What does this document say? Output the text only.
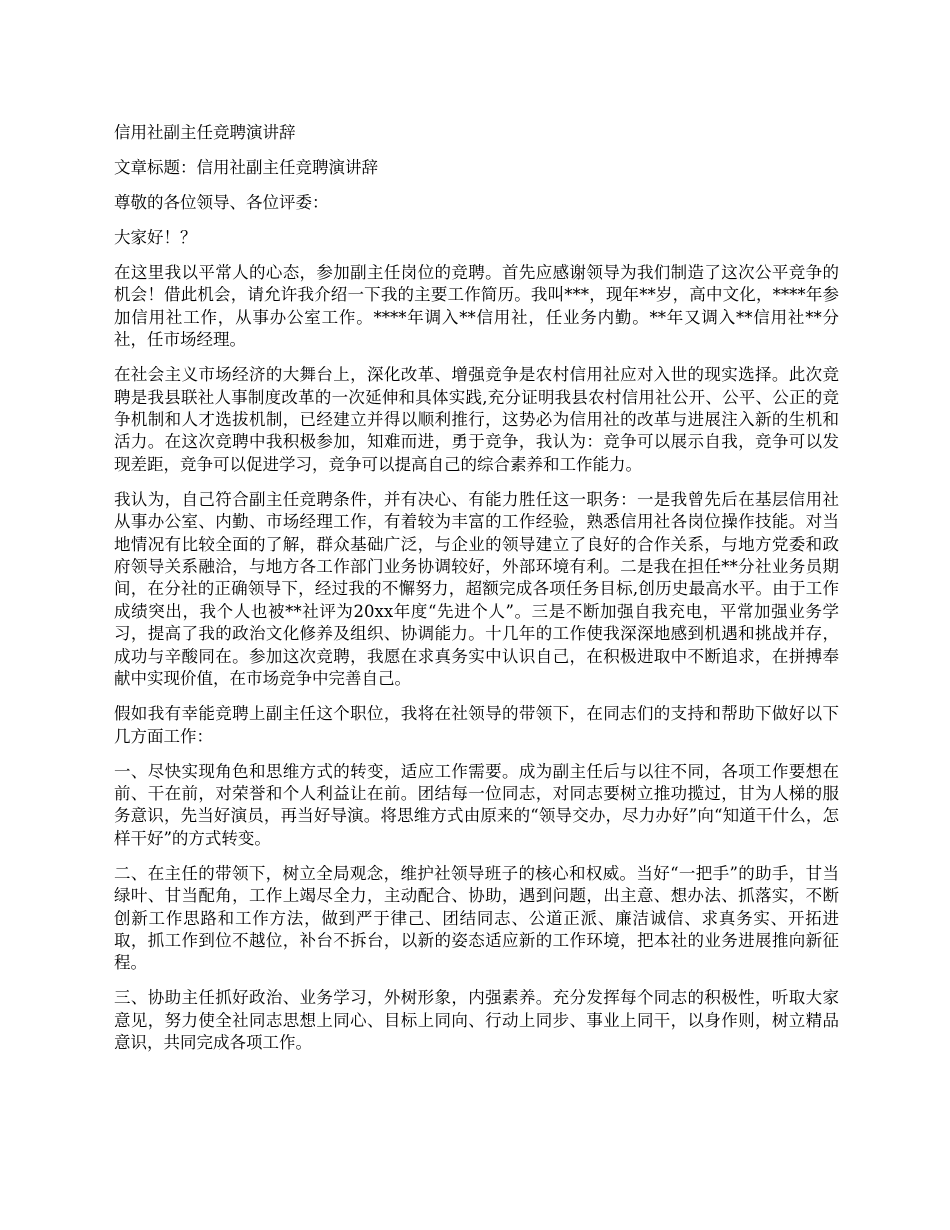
信用社副主任竞聘演讲辞

文章标题：信用社副主任竞聘演讲辞

尊敬的各位领导、各位评委：

大家好！？

在这里我以平常人的心态，参加副主任岗位的竞聘。首先应感谢领导为我们制造了这次公平竞争的机会！借此机会，请允许我介绍一下我的主要工作简历。我叫***，现年**岁，高中文化，****年参加信用社工作，从事办公室工作。****年调入**信用社，任业务内勤。**年又调入**信用社**分社，任市场经理。

在社会主义市场经济的大舞台上，深化改革、增强竞争是农村信用社应对入世的现实选择。此次竞聘是我县联社人事制度改革的一次延伸和具体实践,充分证明我县农村信用社公开、公平、公正的竞争机制和人才选拔机制，已经建立并得以顺利推行，这势必为信用社的改革与进展注入新的生机和活力。在这次竞聘中我积极参加，知难而进，勇于竞争，我认为：竞争可以展示自我，竞争可以发现差距，竞争可以促进学习，竞争可以提高自己的综合素养和工作能力。

我认为，自己符合副主任竞聘条件，并有决心、有能力胜任这一职务：一是我曾先后在基层信用社从事办公室、内勤、市场经理工作，有着较为丰富的工作经验，熟悉信用社各岗位操作技能。对当地情况有比较全面的了解，群众基础广泛，与企业的领导建立了良好的合作关系，与地方党委和政府领导关系融洽，与地方各工作部门业务协调较好，外部环境有利。二是我在担任**分社业务员期间，在分社的正确领导下，经过我的不懈努力，超额完成各项任务目标,创历史最高水平。由于工作成绩突出，我个人也被**社评为20xx年度“先进个人”。三是不断加强自我充电，平常加强业务学习，提高了我的政治文化修养及组织、协调能力。十几年的工作使我深深地感到机遇和挑战并存，成功与辛酸同在。参加这次竞聘，我愿在求真务实中认识自己，在积极进取中不断追求，在拼搏奉献中实现价值，在市场竞争中完善自己。

假如我有幸能竞聘上副主任这个职位，我将在社领导的带领下，在同志们的支持和帮助下做好以下几方面工作：

一、尽快实现角色和思维方式的转变，适应工作需要。成为副主任后与以往不同，各项工作要想在前、干在前，对荣誉和个人利益让在前。团结每一位同志，对同志要树立推功揽过，甘为人梯的服务意识，先当好演员，再当好导演。将思维方式由原来的“领导交办，尽力办好”向“知道干什么，怎样干好”的方式转变。

二、在主任的带领下，树立全局观念，维护社领导班子的核心和权威。当好“一把手”的助手，甘当绿叶、甘当配角，工作上竭尽全力，主动配合、协助，遇到问题，出主意、想办法、抓落实，不断创新工作思路和工作方法，做到严于律己、团结同志、公道正派、廉洁诚信、求真务实、开拓进取，抓工作到位不越位，补台不拆台，以新的姿态适应新的工作环境，把本社的业务进展推向新征程。

三、协助主任抓好政治、业务学习，外树形象，内强素养。充分发挥每个同志的积极性，听取大家意见，努力使全社同志思想上同心、目标上同向、行动上同步、事业上同干，以身作则，树立精品意识，共同完成各项工作。
